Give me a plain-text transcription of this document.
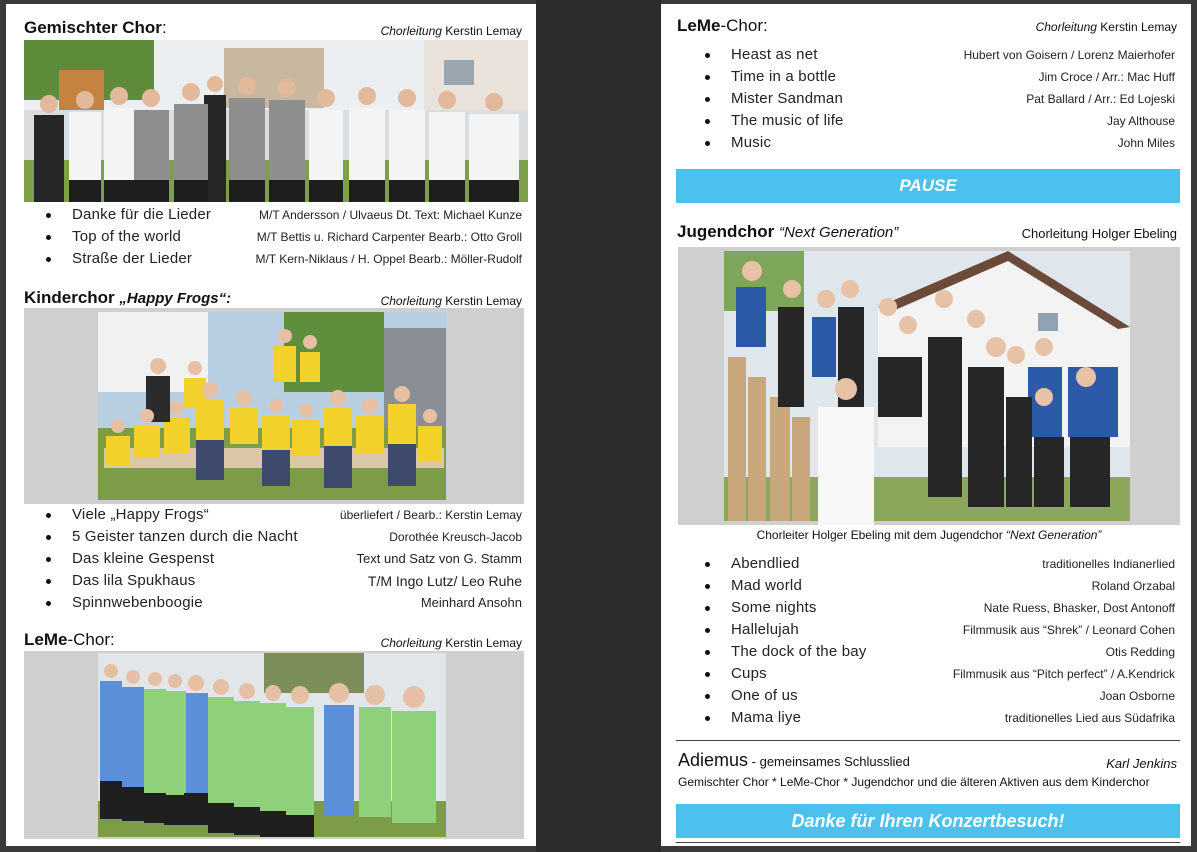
Gemischter Chor:	Chorleitung Kerstin Lemay
Danke für die Lieder	M/T Andersson / Ulvaeus Dt. Text: Michael Kunze
Top of the world	M/T Bettis u. Richard Carpenter Bearb.: Otto Groll
Straße der Lieder	M/T Kern-Niklaus / H. Oppel Bearb.: Möller-Rudolf
Kinderchor „Happy Frogs“:	Chorleitung Kerstin Lemay
Viele „Happy Frogs“	überliefert / Bearb.: Kerstin Lemay
5 Geister tanzen durch die Nacht	Dorothée Kreusch-Jacob
Das kleine Gespenst	Text und Satz von G. Stamm
Das lila Spukhaus	T/M Ingo Lutz/ Leo Ruhe
Spinnwebenboogie	Meinhard Ansohn
LeMe-Chor:	Chorleitung Kerstin Lemay
LeMe-Chor:	Chorleitung Kerstin Lemay
Heast as net	Hubert von Goisern / Lorenz Maierhofer
Time in a bottle	Jim Croce / Arr.: Mac Huff
Mister Sandman	Pat Ballard / Arr.: Ed Lojeski
The music of life	Jay Althouse
Music	John Miles
PAUSE
Jugendchor “Next Generation”	Chorleitung Holger Ebeling
Chorleiter Holger Ebeling mit dem Jugendchor “Next Generation”
Abendlied	traditionelles Indianerlied
Mad world	Roland Orzabal
Some nights	Nate Ruess, Bhasker, Dost Antonoff
Hallelujah	Filmmusik aus “Shrek” / Leonard Cohen
The dock of the bay	Otis Redding
Cups	Filmmusik aus “Pitch perfect” / A.Kendrick
One of us	Joan Osborne
Mama liye	traditionelles Lied aus Südafrika
Adiemus - gemeinsames Schlusslied	Karl Jenkins
Gemischter Chor * LeMe-Chor * Jugendchor und die älteren Aktiven aus dem Kinderchor
Danke für Ihren Konzertbesuch!
